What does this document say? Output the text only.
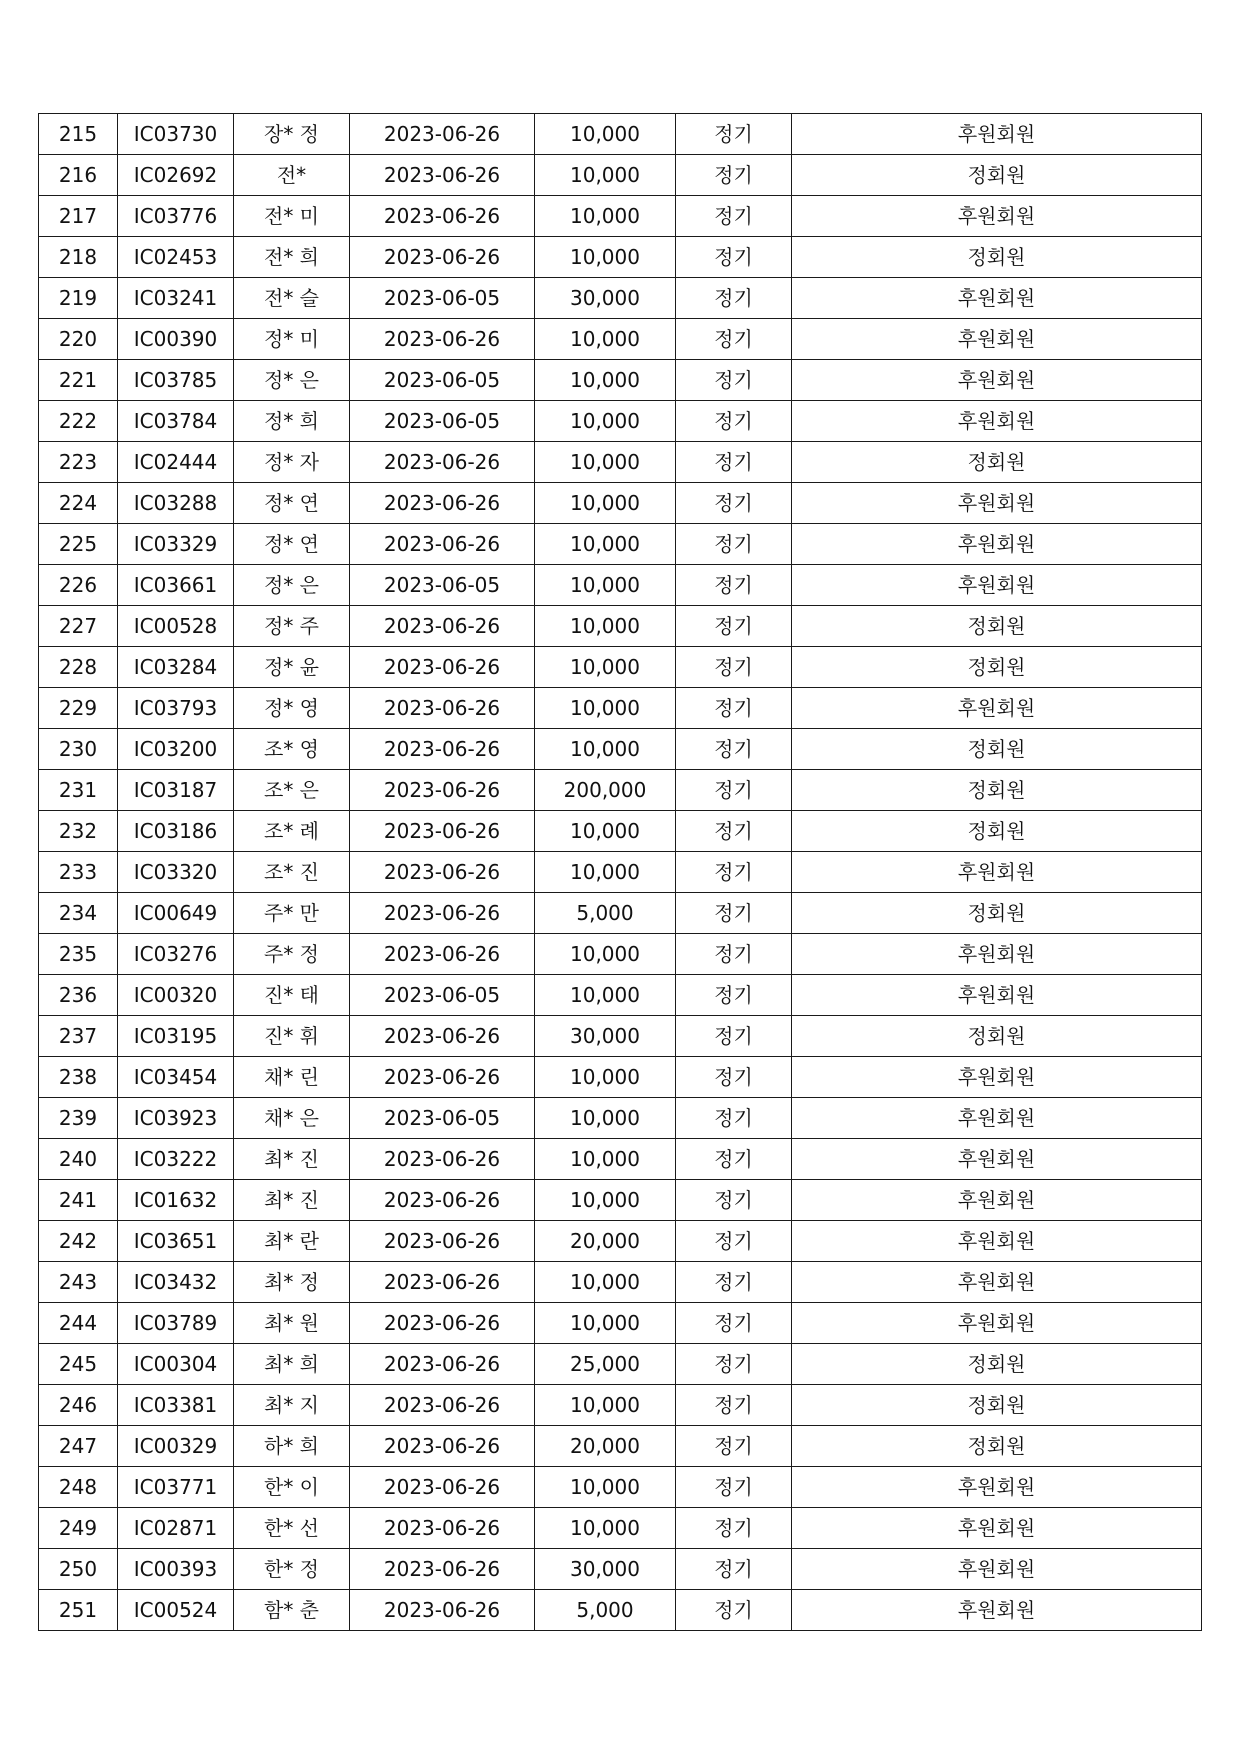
215	IC03730	장* 정	2023-06-26	10,000	정기	후원회원
216	IC02692	전*	2023-06-26	10,000	정기	정회원
217	IC03776	전* 미	2023-06-26	10,000	정기	후원회원
218	IC02453	전* 희	2023-06-26	10,000	정기	정회원
219	IC03241	전* 슬	2023-06-05	30,000	정기	후원회원
220	IC00390	정* 미	2023-06-26	10,000	정기	후원회원
221	IC03785	정* 은	2023-06-05	10,000	정기	후원회원
222	IC03784	정* 희	2023-06-05	10,000	정기	후원회원
223	IC02444	정* 자	2023-06-26	10,000	정기	정회원
224	IC03288	정* 연	2023-06-26	10,000	정기	후원회원
225	IC03329	정* 연	2023-06-26	10,000	정기	후원회원
226	IC03661	정* 은	2023-06-05	10,000	정기	후원회원
227	IC00528	정* 주	2023-06-26	10,000	정기	정회원
228	IC03284	정* 윤	2023-06-26	10,000	정기	정회원
229	IC03793	정* 영	2023-06-26	10,000	정기	후원회원
230	IC03200	조* 영	2023-06-26	10,000	정기	정회원
231	IC03187	조* 은	2023-06-26	200,000	정기	정회원
232	IC03186	조* 례	2023-06-26	10,000	정기	정회원
233	IC03320	조* 진	2023-06-26	10,000	정기	후원회원
234	IC00649	주* 만	2023-06-26	5,000	정기	정회원
235	IC03276	주* 정	2023-06-26	10,000	정기	후원회원
236	IC00320	진* 태	2023-06-05	10,000	정기	후원회원
237	IC03195	진* 휘	2023-06-26	30,000	정기	정회원
238	IC03454	채* 린	2023-06-26	10,000	정기	후원회원
239	IC03923	채* 은	2023-06-05	10,000	정기	후원회원
240	IC03222	최* 진	2023-06-26	10,000	정기	후원회원
241	IC01632	최* 진	2023-06-26	10,000	정기	후원회원
242	IC03651	최* 란	2023-06-26	20,000	정기	후원회원
243	IC03432	최* 정	2023-06-26	10,000	정기	후원회원
244	IC03789	최* 원	2023-06-26	10,000	정기	후원회원
245	IC00304	최* 희	2023-06-26	25,000	정기	정회원
246	IC03381	최* 지	2023-06-26	10,000	정기	정회원
247	IC00329	하* 희	2023-06-26	20,000	정기	정회원
248	IC03771	한* 이	2023-06-26	10,000	정기	후원회원
249	IC02871	한* 선	2023-06-26	10,000	정기	후원회원
250	IC00393	한* 정	2023-06-26	30,000	정기	후원회원
251	IC00524	함* 춘	2023-06-26	5,000	정기	후원회원
